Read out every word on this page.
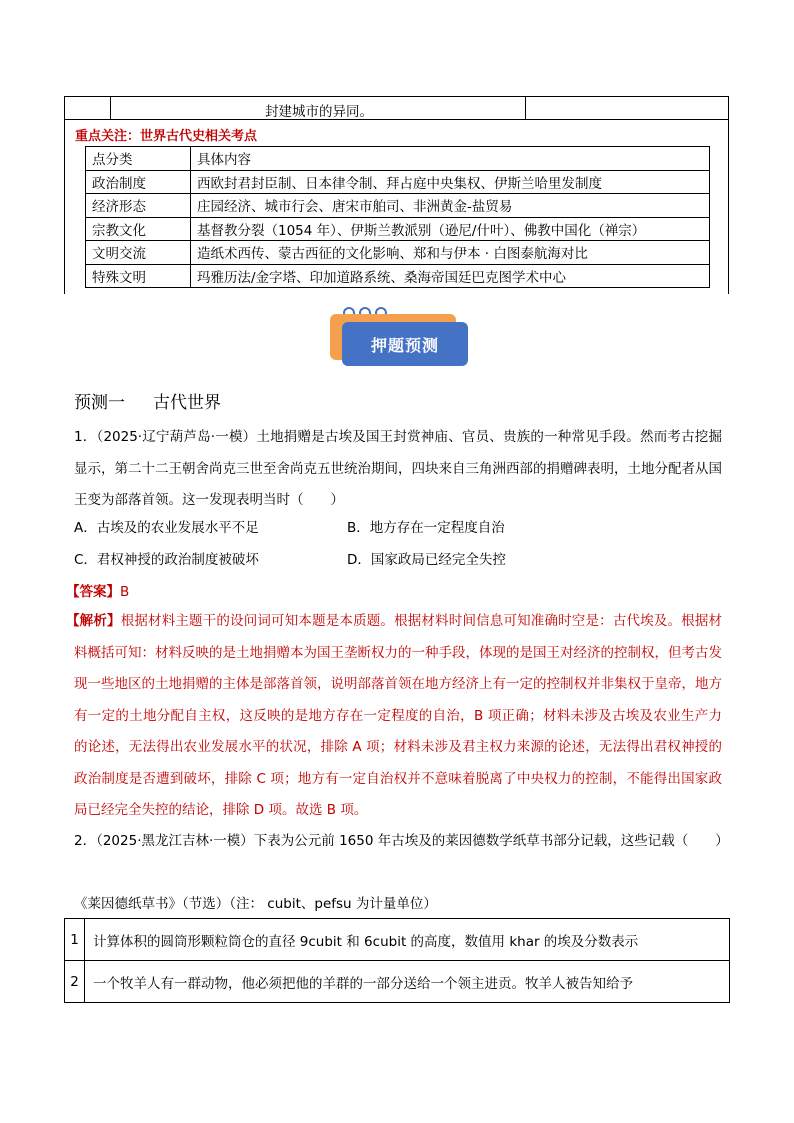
封建城市的异同。
重点关注：世界古代史相关考点
点分类	具体内容
政治制度	西欧封君封臣制、日本律令制、拜占庭中央集权、伊斯兰哈里发制度
经济形态	庄园经济、城市行会、唐宋市舶司、非洲黄金-盐贸易
宗教文化	基督教分裂（1054 年）、伊斯兰教派别（逊尼/什叶）、佛教中国化（禅宗）
文明交流	造纸术西传、蒙古西征的文化影响、郑和与伊本 · 白图泰航海对比
特殊文明	玛雅历法/金字塔、印加道路系统、桑海帝国廷巴克图学术中心
押题预测
预测一 古代世界
1．（2025·辽宁葫芦岛·一模）土地捐赠是古埃及国王封赏神庙、官员、贵族的一种常见手段。然而考古挖掘显示，第二十二王朝舍尚克三世至舍尚克五世统治期间，四块来自三角洲西部的捐赠碑表明，土地分配者从国王变为部落首领。这一发现表明当时（　　）
A．古埃及的农业发展水平不足	B．地方存在一定程度自治
C．君权神授的政治制度被破坏	D．国家政局已经完全失控
【答案】B
【解析】根据材料主题干的设问词可知本题是本质题。根据材料时间信息可知准确时空是：古代埃及。根据材料概括可知：材料反映的是土地捐赠本为国王垄断权力的一种手段，体现的是国王对经济的控制权，但考古发现一些地区的土地捐赠的主体是部落首领，说明部落首领在地方经济上有一定的控制权并非集权于皇帝，地方有一定的土地分配自主权，这反映的是地方存在一定程度的自治，B 项正确；材料未涉及古埃及农业生产力的论述，无法得出农业发展水平的状况，排除 A 项；材料未涉及君主权力来源的论述，无法得出君权神授的政治制度是否遭到破坏，排除 C 项；地方有一定自治权并不意味着脱离了中央权力的控制，不能得出国家政局已经完全失控的结论，排除 D 项。故选 B 项。
2．（2025·黑龙江吉林·一模）下表为公元前 1650 年古埃及的莱因德数学纸草书部分记载，这些记载（　　）
《莱因德纸草书》（节选）（注： cubit、pefsu 为计量单位）
1	计算体积的圆筒形颗粒筒仓的直径 9cubit 和 6cubit 的高度，数值用 khar 的埃及分数表示
2	一个牧羊人有一群动物，他必须把他的羊群的一部分送给一个领主进贡。牧羊人被告知给予
